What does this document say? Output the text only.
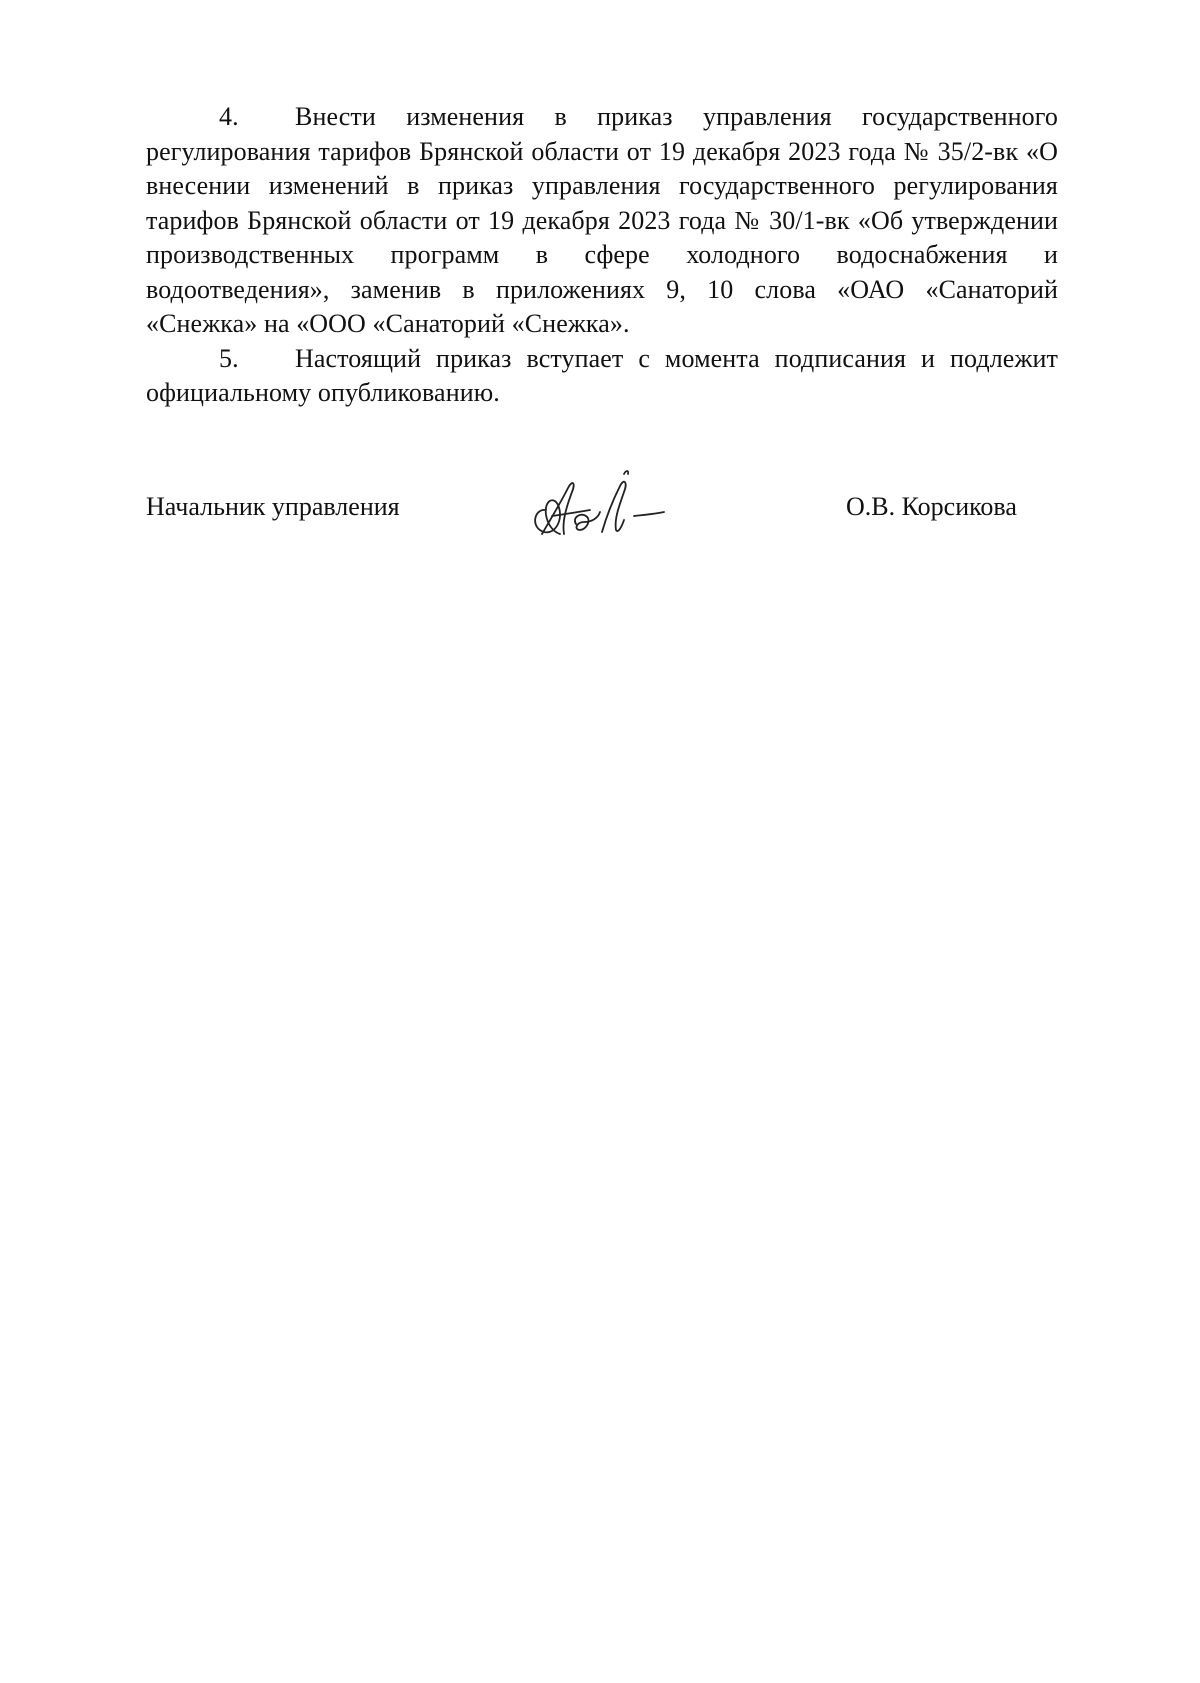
4. Внести изменения в приказ управления государственного регулирования тарифов Брянской области от 19 декабря 2023 года № 35/2-вк «О внесении изменений в приказ управления государственного регулирования тарифов Брянской области от 19 декабря 2023 года № 30/1-вк «Об утверждении производственных программ в сфере холодного водоснабжения и водоотведения», заменив в приложениях 9, 10 слова «ОАО «Санаторий «Снежка» на «ООО «Санаторий «Снежка».

5. Настоящий приказ вступает с момента подписания и подлежит официальному опубликованию.

Начальник управления	О.В. Корсикова
